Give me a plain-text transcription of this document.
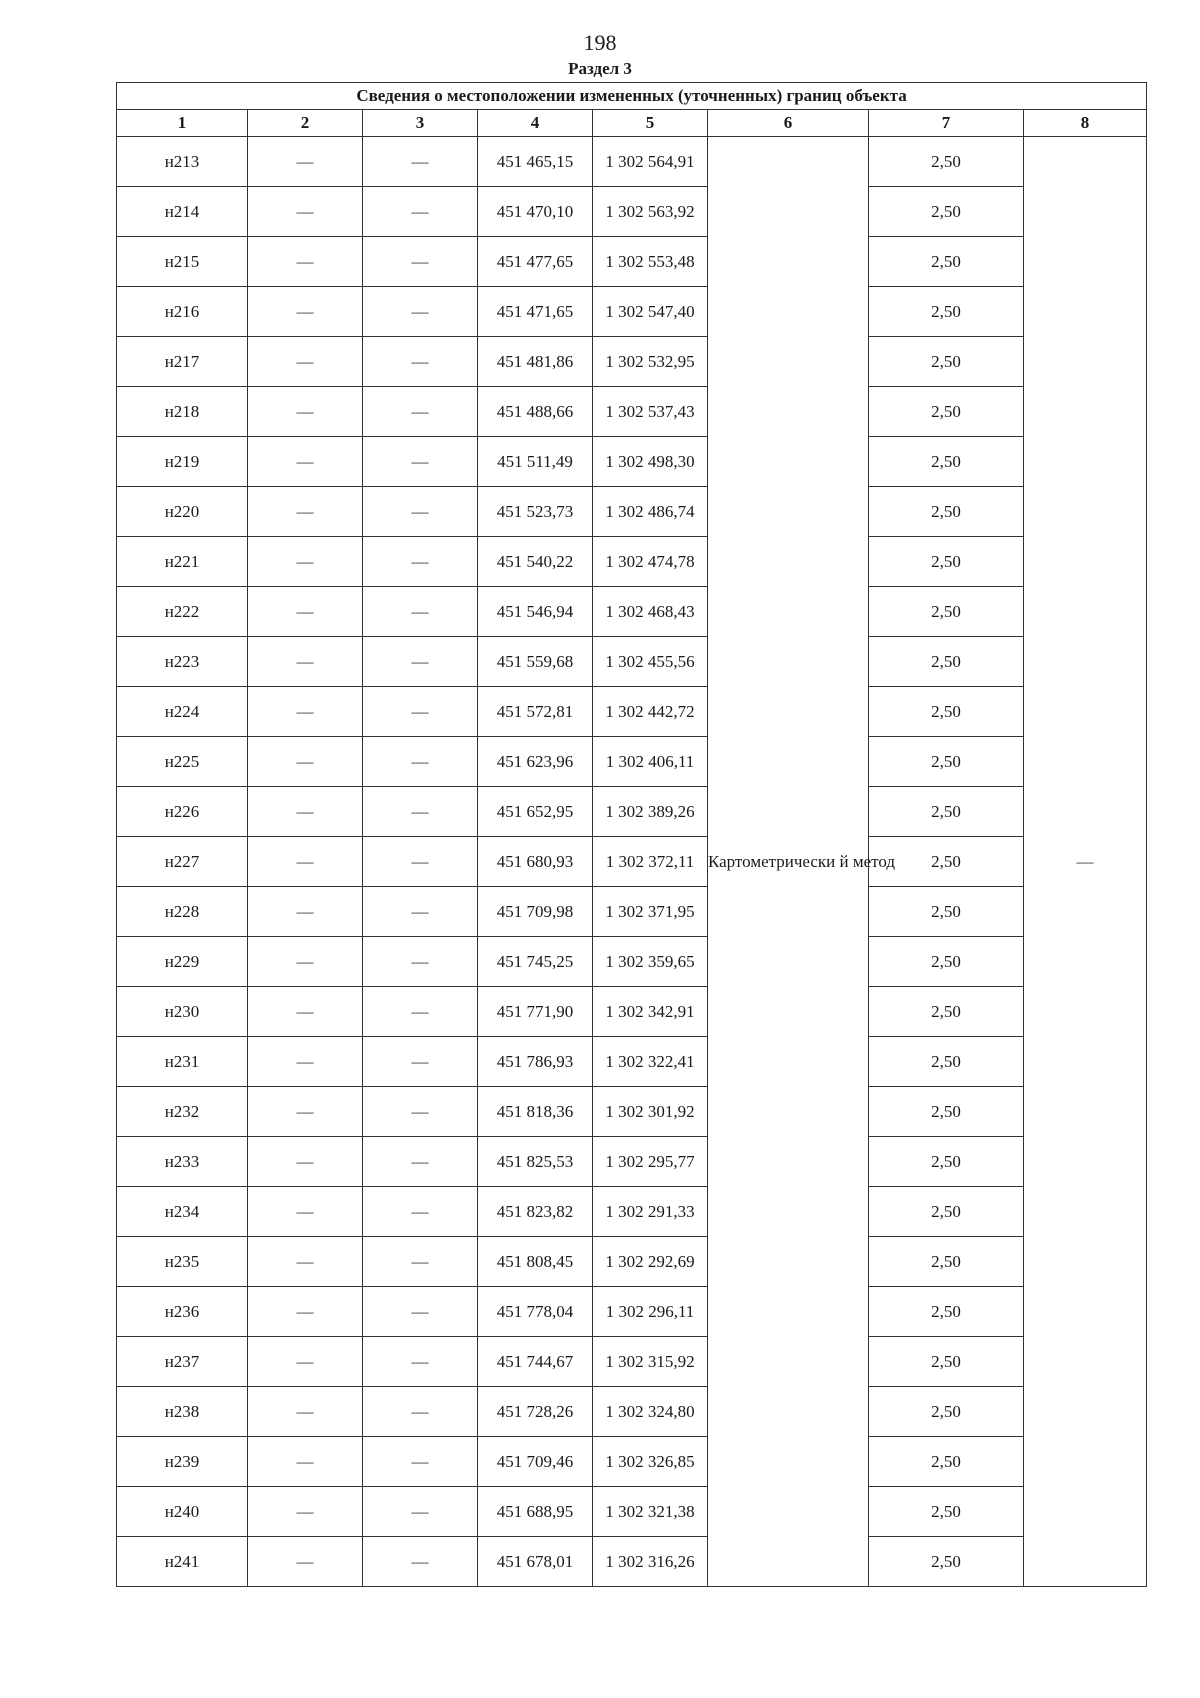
198
Раздел 3
Сведения о местоположении измененных (уточненных) границ объекта							
1	2	3	4	5	6	7	8
н213	—	—	451 465,15	1 302 564,91	Картометрически й метод	2,50	—
н214	—	—	451 470,10	1 302 563,92		2,50	
н215	—	—	451 477,65	1 302 553,48		2,50	
н216	—	—	451 471,65	1 302 547,40		2,50	
н217	—	—	451 481,86	1 302 532,95		2,50	
н218	—	—	451 488,66	1 302 537,43		2,50	
н219	—	—	451 511,49	1 302 498,30		2,50	
н220	—	—	451 523,73	1 302 486,74		2,50	
н221	—	—	451 540,22	1 302 474,78		2,50	
н222	—	—	451 546,94	1 302 468,43		2,50	
н223	—	—	451 559,68	1 302 455,56		2,50	
н224	—	—	451 572,81	1 302 442,72		2,50	
н225	—	—	451 623,96	1 302 406,11		2,50	
н226	—	—	451 652,95	1 302 389,26		2,50	
н227	—	—	451 680,93	1 302 372,11		2,50	
н228	—	—	451 709,98	1 302 371,95		2,50	
н229	—	—	451 745,25	1 302 359,65		2,50	
н230	—	—	451 771,90	1 302 342,91		2,50	
н231	—	—	451 786,93	1 302 322,41		2,50	
н232	—	—	451 818,36	1 302 301,92		2,50	
н233	—	—	451 825,53	1 302 295,77		2,50	
н234	—	—	451 823,82	1 302 291,33		2,50	
н235	—	—	451 808,45	1 302 292,69		2,50	
н236	—	—	451 778,04	1 302 296,11		2,50	
н237	—	—	451 744,67	1 302 315,92		2,50	
н238	—	—	451 728,26	1 302 324,80		2,50	
н239	—	—	451 709,46	1 302 326,85		2,50	
н240	—	—	451 688,95	1 302 321,38		2,50	
н241	—	—	451 678,01	1 302 316,26		2,50	
